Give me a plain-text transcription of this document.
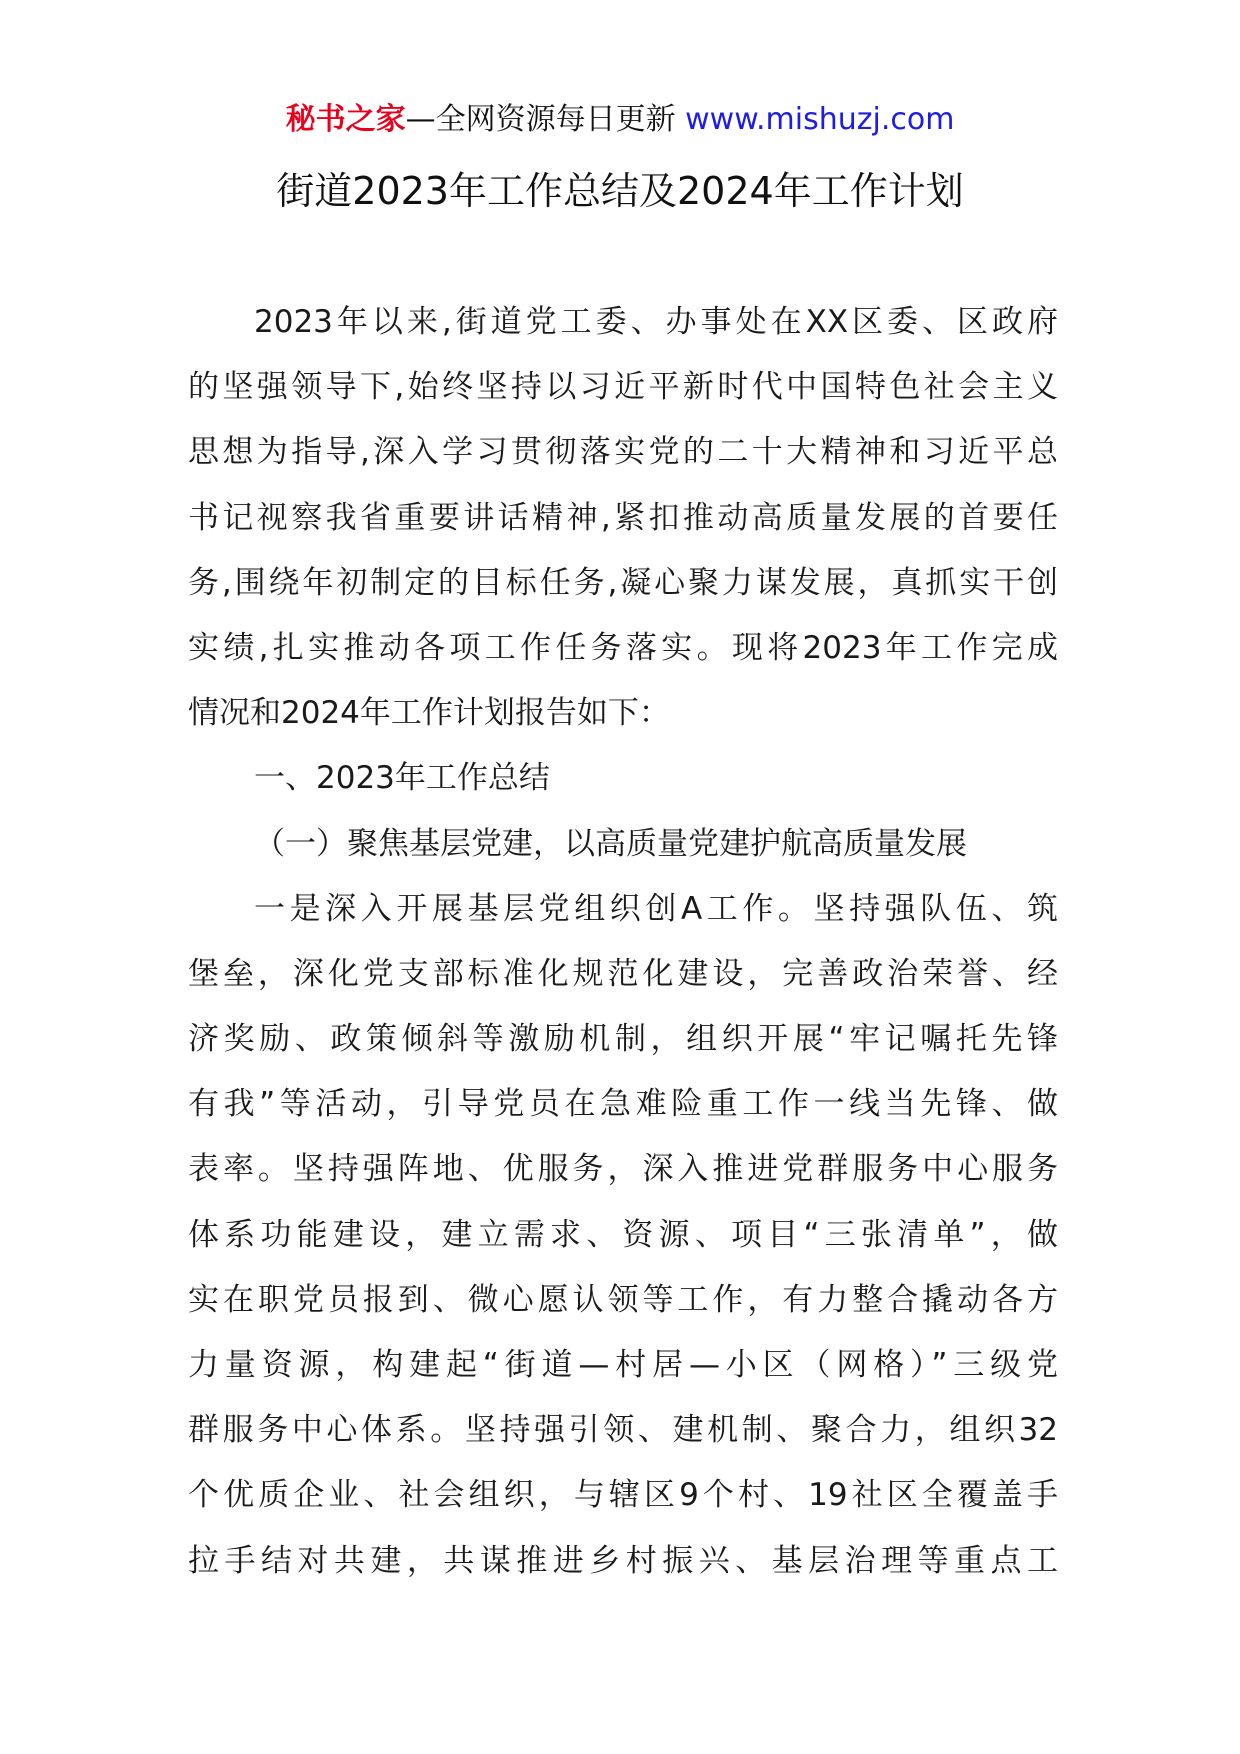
秘书之家—全网资源每日更新 www.mishuzj.com
街道2023年工作总结及2024年工作计划
2023年以来,街道党工委、办事处在XX区委、区政府
的坚强领导下,始终坚持以习近平新时代中国特色社会主义
思想为指导,深入学习贯彻落实党的二十大精神和习近平总
书记视察我省重要讲话精神,紧扣推动高质量发展的首要任
务,围绕年初制定的目标任务,凝心聚力谋发展，真抓实干创
实绩,扎实推动各项工作任务落实。现将2023年工作完成
情况和2024年工作计划报告如下：
一、2023年工作总结
（一）聚焦基层党建，以高质量党建护航高质量发展
一是深入开展基层党组织创A工作。坚持强队伍、筑
堡垒，深化党支部标准化规范化建设，完善政治荣誉、经
济奖励、政策倾斜等激励机制，组织开展“牢记嘱托先锋
有我”等活动，引导党员在急难险重工作一线当先锋、做
表率。坚持强阵地、优服务，深入推进党群服务中心服务
体系功能建设，建立需求、资源、项目“三张清单”，做
实在职党员报到、微心愿认领等工作，有力整合撬动各方
力量资源，构建起“街道—村居—小区（网格）”三级党
群服务中心体系。坚持强引领、建机制、聚合力，组织32
个优质企业、社会组织，与辖区9个村、19社区全覆盖手
拉手结对共建，共谋推进乡村振兴、基层治理等重点工
